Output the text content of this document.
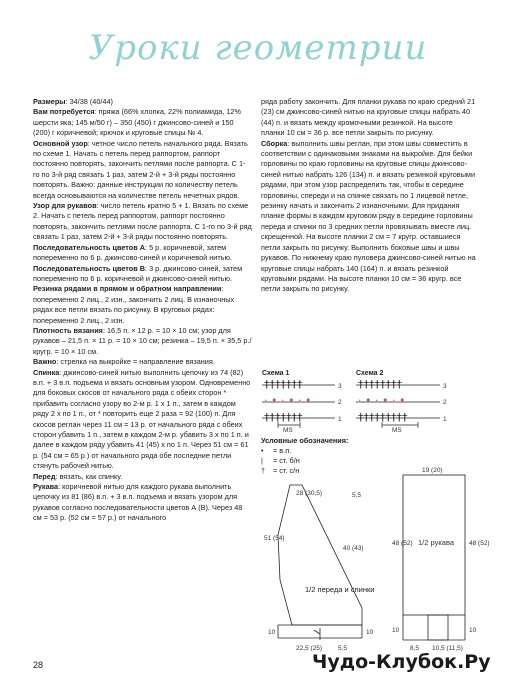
Уроки геометрии

Размеры: 34/38 (40/44)

Вам потребуется: пряжа (66% хлопка, 22% полиамида, 12% шерсти яка; 145 м/50 г) – 350 (450) г джинсово-синей и 150 (200) г коричневой; крючок и круговые спицы № 4.

Основной узор: четное число петель начального ряда. Вязать по схеме 1. Начать с петель перед раппортом, раппорт постоянно повторять, закончить петлями после раппорта. С 1-го по 3-й ряд связать 1 раз, затем 2-й + 3-й ряды постоянно повторять. Важно: данные инструкции по количеству петель всегда основываются на количестве петель нечетных рядов.

Узор для рукавов: число петель кратно 5 + 1. Вязать по схеме 2. Начать с петель перед раппортом, раппорт постоянно повторять, закончить петлями после раппорта. С 1-го по 3-й ряд связать 1 раз, затем 2-й + 3-й ряды постоянно повторять.

Последовательность цветов А: 5 р. коричневой, затем попеременно по 6 р. джинсово-синей и коричневой нитью.

Последовательность цветов В: 3 р. джинсово-синей, затем попеременно по 6 р. коричневой и джинсово-синей нитью.

Резинка рядами в прямом и обратном направлении: попеременно 2 лиц., 2 изн., закончить 2 лиц. В изнаночных рядах все петли вязать по рисунку. В круговых рядах: попеременно 2 лиц., 2 изн.

Плотность вязания: 16,5 п. × 12 р. = 10 × 10 см; узор для рукавов – 21,5 п. × 11 р. = 10 × 10 см; резинка – 19,5 п. × 35,5 р./кругр. = 10 × 10 см.

Важно: стрелка на выкройке = направление вязания.

Спинка: джинсово-синей нитью выполнить цепочку из 74 (82) в.п. + 3 в.п. подъема и вязать основным узором. Одновременно для боковых скосов от начального ряда с обеих сторон * прибавить согласно узору во 2-м р. 1 х 1 п., затем в каждом ряду 2 х по 1 п., от * повторить еще 2 раза = 92 (100) п. Для скосов реглан через 11 см = 13 р. от начального ряда с обеих сторон убавить 1 п., затем в каждом 2-м р. убавить 3 х по 1 п. и далее в каждом ряду убавить 41 (45) х по 1 п. Через 51 см = 61 р. (54 см = 65 р.) от начального ряда обе последние петли стянуть рабочей нитью.

Перед: вязать, как спинку.

Рукава: коричневой нитью для каждого рукава выполнить цепочку из 81 (86) в.п. + 3 в.п. подъема и вязать узором для рукавов согласно последовательности цветов А (В). Через 48 см = 53 р. (52 см = 57 р.) от начального

ряда работу закончить. Для планки рукава по краю средний 21 (23) см джинсово-синей нитью на круговые спицы набрать 40 (44) п. и вязать между кромочными резинкой. На высоте планки 10 см = 36 р. все петли закрыть по рисунку.

Сборка: выполнить швы реглан, при этом швы совместить в соответствии с одинаковыми знаками на выкройке. Для бейки горловины по краю горловины на круговые спицы джинсово-синей нитью набрать 126 (134) п. и вязать резинкой круговыми рядами, при этом узор распределить так, чтобы в середине горловины, спереди и на спинке связать по 1 лицевой петле, резинку начать и закончить 2 изнаночными. Для придания планке формы в каждом круговом ряду в середине горловины переда и спинки по 3 средних петли провязывать вместе лиц. скрещенной. На высоте планки 2 см = 7 кругр. оставшиеся петли закрыть по рисунку. Выполнить боковые швы и швы рукавов. По нижнему краю пуловера джинсово-синей нитью на круговые спицы набрать 140 (164) п. и вязать резинкой круговыми рядами. На высоте планки 10 см = 36 кругр. все петли закрыть по рисунку.

Схема 1
†††††††
· • · • · •
†††††††
3
2
1
МS
Схема 2
††††††††
· • · • · •
†††††††††
3
2
1
МS
28 (30,5)	5,5
51 (54)
40 (43)
1/2 переда и спинки
22,5 (25) 5,5
10	10
19 (20)
48 (52)	48 (52)
1/2 рукава
10	10
8,5 10,5 (11,5)
Условные обозначения:
• = в.п.
| = ст. б/н
† = ст. с/н
28	Чудо-Клубок.Ру
